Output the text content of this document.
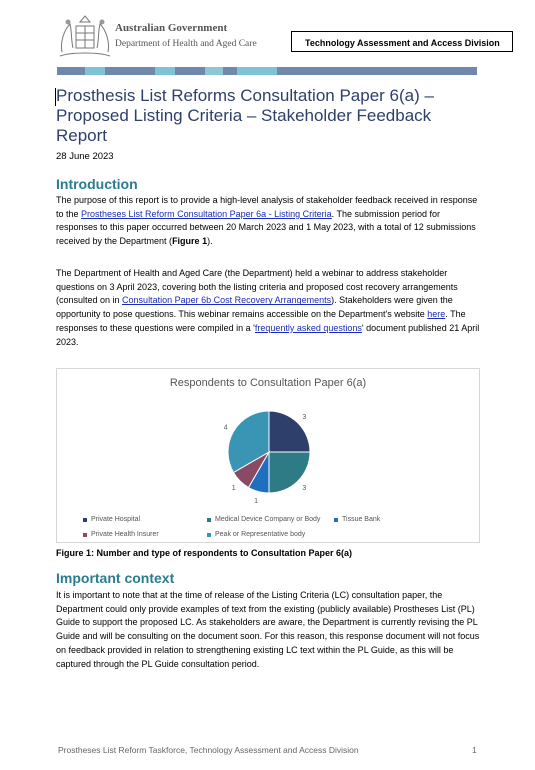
Australian Government
Department of Health and Aged Care	Technology Assessment and Access Division
Prosthesis List Reforms Consultation Paper 6(a) – Proposed Listing Criteria – Stakeholder Feedback Report
28 June 2023
Introduction
The purpose of this report is to provide a high-level analysis of stakeholder feedback received in response to the Prostheses List Reform Consultation Paper 6a - Listing Criteria. The submission period for responses to this paper occurred between 20 March 2023 and 1 May 2023, with a total of 12 submissions received by the Department (Figure 1).
The Department of Health and Aged Care (the Department) held a webinar to address stakeholder questions on 3 April 2023, covering both the listing criteria and proposed cost recovery arrangements (consulted on in Consultation Paper 6b Cost Recovery Arrangements). Stakeholders were given the opportunity to pose questions. This webinar remains accessible on the Department's website here. The responses to these questions were compiled in a 'frequently asked questions' document published 21 April 2023.
Respondents to Consultation Paper 6(a)
3
3
1
1
4
Private Hospital	Medical Device Company or Body	Tissue Bank
Private Health Insurer	Peak or Representative body
Figure 1: Number and type of respondents to Consultation Paper 6(a)
Important context
It is important to note that at the time of release of the Listing Criteria (LC) consultation paper, the Department could only provide examples of text from the existing (publicly available) Prostheses List (PL) Guide to support the proposed LC. As stakeholders are aware, the Department is currently revising the PL Guide and will be consulting on the document soon. For this reason, this response document will not focus on feedback provided in relation to strengthening existing LC text within the PL Guide, as this will be captured through the PL Guide consultation period.
Prostheses List Reform Taskforce, Technology Assessment and Access Division	1
